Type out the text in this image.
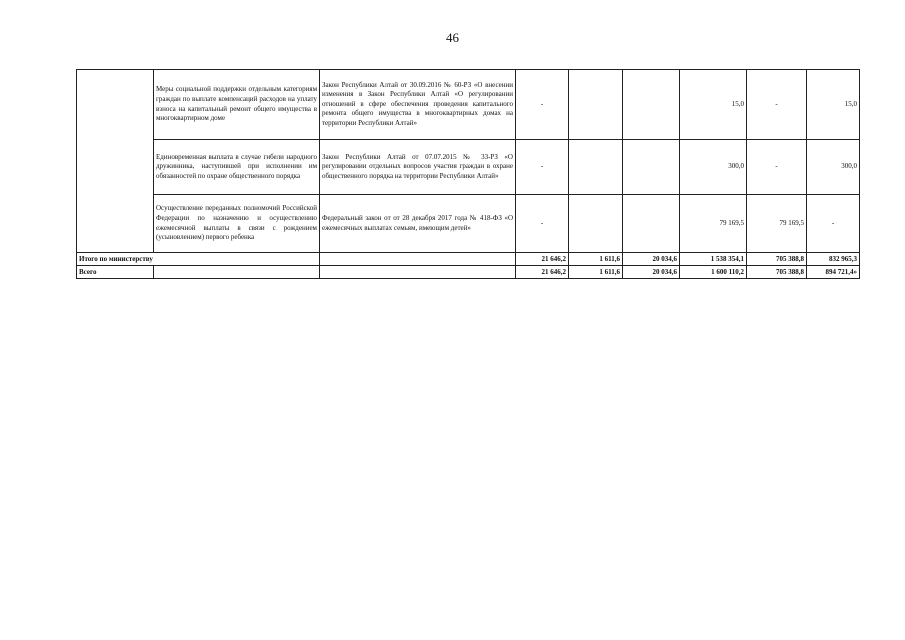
46
	Меры социальной поддержки отдельным категориям граждан по выплате компенсаций расходов на уплату взноса на капитальный ремонт общего имущества в многоквартирном доме	Закон Республики Алтай от 30.09.2016 № 60-РЗ «О внесении изменения в Закон Республики Алтай «О регулировании отношений в сфере обеспечения проведения капитального ремонта общего имущества в многоквартирных домах на территории Республики Алтай»	-			15,0	-	15,0
	Единовременная выплата в случае гибели народного дружинника, наступившей при исполнении им обязанностей по охране общественного порядка	Закон Республики Алтай от 07.07.2015 № 33-РЗ «О регулировании отдельных вопросов участия граждан в охране общественного порядка на территории Республики Алтай»	-			300,0	-	300,0
	Осуществление переданных полномочий Российской Федерации по назначению и осуществлению ежемесячной выплаты в связи с рождением (усыновлением) первого ребенка	Федеральный закон от от 28 декабря 2017 года № 418-ФЗ «О ежемесячных выплатах семьям, имеющим детей»	-			79 169,5	79 169,5	-
Итого по министерству			21 646,2	1 611,6	20 034,6	1 538 354,1	705 388,8	832 965,3
Всего			21 646,2	1 611,6	20 034,6	1 600 110,2	705 388,8	894 721,4»
